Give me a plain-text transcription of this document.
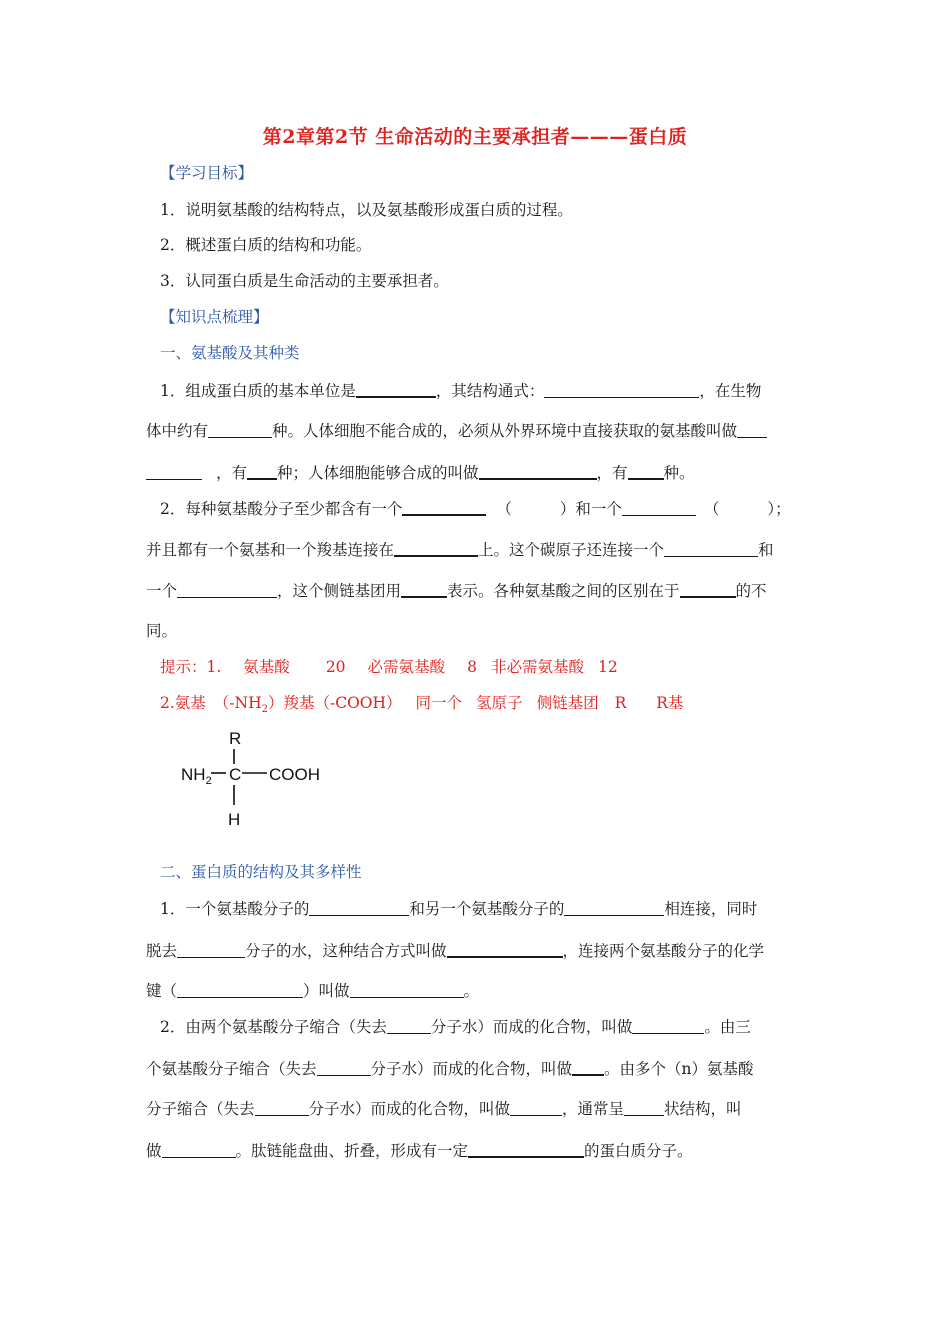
第2章第2节 生命活动的主要承担者———蛋白质
【学习目标】
1．说明氨基酸的结构特点，以及氨基酸形成蛋白质的过程。
2．概述蛋白质的结构和功能。
3．认同蛋白质是生命活动的主要承担者。
【知识点梳理】
一、氨基酸及其种类
1．组成蛋白质的基本单位是	，其结构通式：	，在生物
体中约有	种。人体细胞不能合成的，必须从外界环境中直接获取的氨基酸叫做
，有 种；人体细胞能够合成的叫做	，有 种。
2．每种氨基酸分子至少都含有一个	（	）和一个	（	）；
并且都有一个氨基和一个羧基连接在	上。这个碳原子还连接一个	和
一个	，这个侧链基团用	表示。各种氨基酸之间的区别在于	的不
同。
提示：1. 氨基酸 20 必需氨基酸 8 非必需氨基酸 12
2.氨基 $(-NH_2)$羧基（-COOH） 同一个 氢原子 侧链基团 R R基
R
$NH_2$ C COOH
H
二、蛋白质的结构及其多样性
1．一个氨基酸分子的	和另一个氨基酸分子的	相连接，同时
脱去	分子的水，这种结合方式叫做	，连接两个氨基酸分子的化学
键（	）叫做	。
2．由两个氨基酸分子缩合（失去	分子水）而成的化合物，叫做	。由三
个氨基酸分子缩合（失去	分子水）而成的化合物，叫做 。由多个（n）氨基酸
分子缩合（失去	分子水）而成的化合物，叫做	，通常呈	状结构，叫
做	。肽链能盘曲、折叠，形成有一定	的蛋白质分子。
